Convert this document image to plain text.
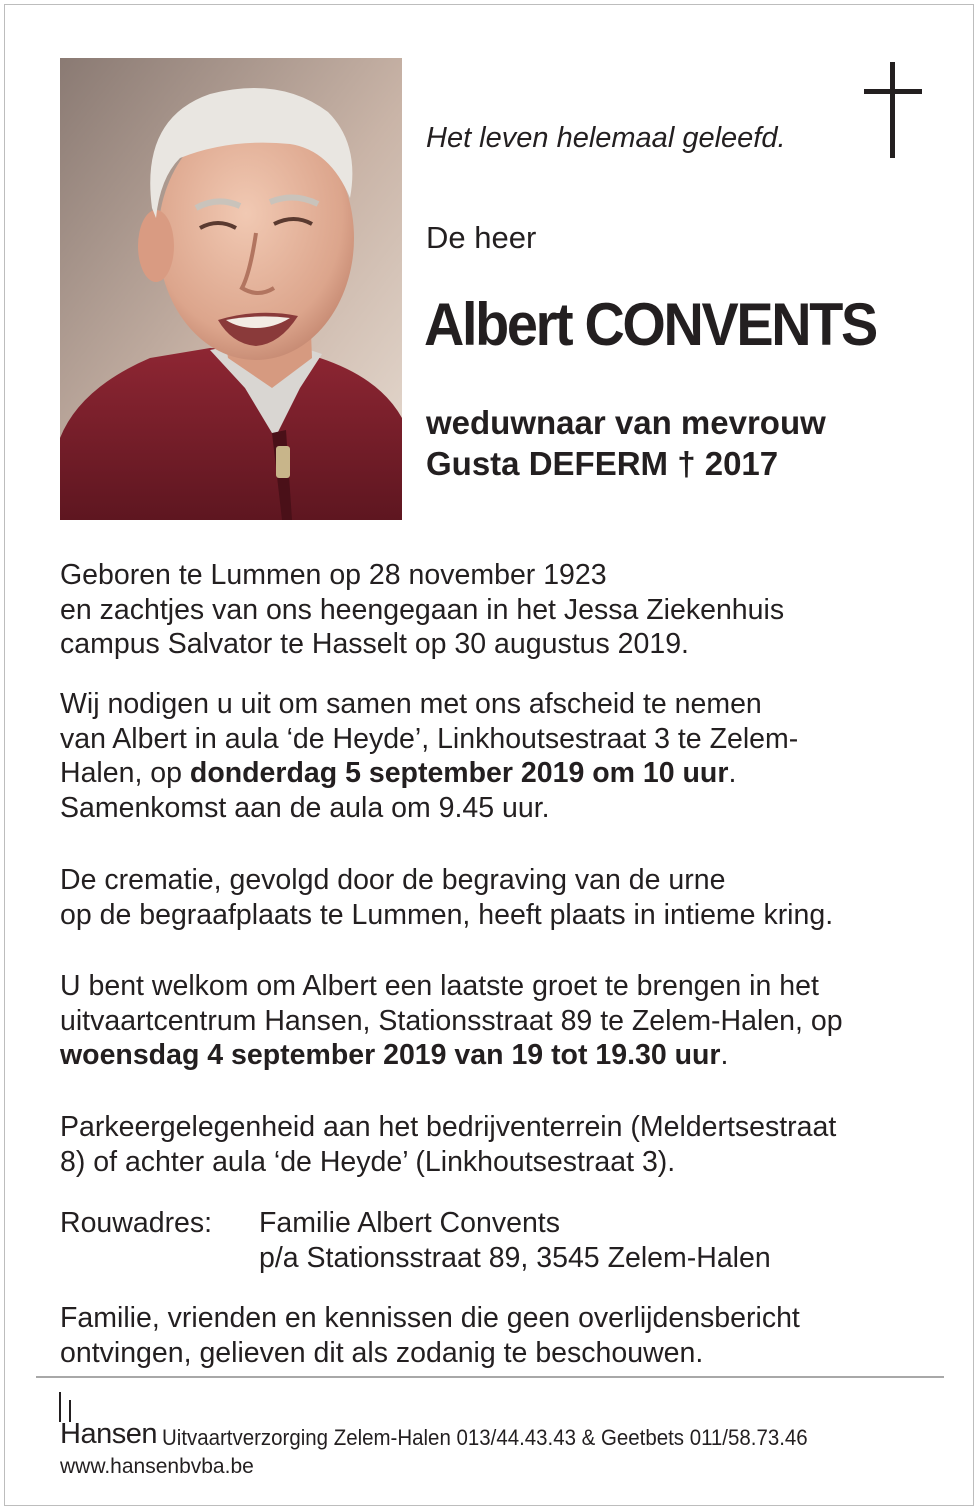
Het leven helemaal geleefd.
De heer
Albert CONVENTS
weduwnaar van mevrouw
Gusta DEFERM † 2017
Geboren te Lummen op 28 november 1923
en zachtjes van ons heengegaan in het Jessa Ziekenhuis
campus Salvator te Hasselt op 30 augustus 2019.
Wij nodigen u uit om samen met ons afscheid te nemen
van Albert in aula ‘de Heyde’, Linkhoutsestraat 3 te Zelem-
Halen, op donderdag 5 september 2019 om 10 uur.
Samenkomst aan de aula om 9.45 uur.
De crematie, gevolgd door de begraving van de urne
op de begraafplaats te Lummen, heeft plaats in intieme kring.
U bent welkom om Albert een laatste groet te brengen in het
uitvaartcentrum Hansen, Stationsstraat 89 te Zelem-Halen, op
woensdag 4 september 2019 van 19 tot 19.30 uur.
Parkeergelegenheid aan het bedrijventerrein (Meldertsestraat
8) of achter aula ‘de Heyde’ (Linkhoutsestraat 3).
Rouwadres: Familie Albert Convents
p/a Stationsstraat 89, 3545 Zelem-Halen
Familie, vrienden en kennissen die geen overlijdensbericht
ontvingen, gelieven dit als zodanig te beschouwen.
Hansen Uitvaartverzorging Zelem-Halen 013/44.43.43 & Geetbets 011/58.73.46
www.hansenbvba.be
